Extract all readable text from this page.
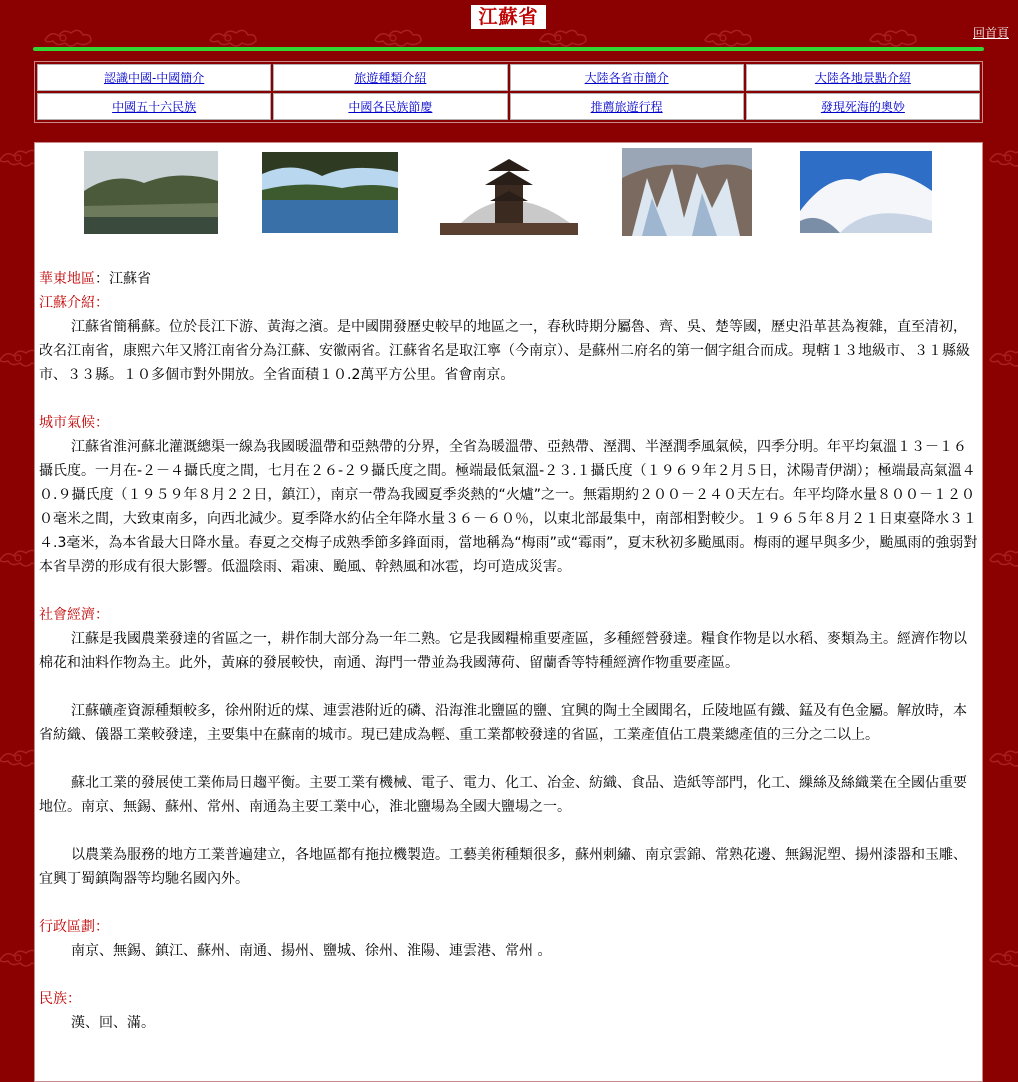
江蘇省
回首頁
認識中國-中國簡介	旅遊種類介紹	大陸各省市簡介	大陸各地景點介紹
中國五十六民族	中國各民族節慶	推薦旅遊行程	發現死海的奧妙
華東地區：江蘇省
江蘇介紹：

江蘇省簡稱蘇。位於長江下游、黃海之濱。是中國開發歷史較早的地區之一，春秋時期分屬魯、齊、吳、楚等國，歷史沿革甚為複雜，直至清初，改名江南省，康熙六年又將江南省分為江蘇、安徽兩省。江蘇省名是取江寧（今南京）、是蘇州二府名的第一個字組合而成。現轄１３地級市、３１縣級市、３３縣。１０多個市對外開放。全省面積１０.2萬平方公里。省會南京。

城市氣候：

江蘇省淮河蘇北灌溉總渠一線為我國暖溫帶和亞熱帶的分界，全省為暖溫帶、亞熱帶、溼潤、半溼潤季風氣候，四季分明。年平均氣溫１３－１６攝氏度。一月在-２－４攝氏度之間，七月在２６-２９攝氏度之間。極端最低氣溫-２３.１攝氏度（１９６９年２月５日，沭陽青伊湖）；極端最高氣溫４０.９攝氏度（１９５９年８月２２日，鎮江），南京一帶為我國夏季炎熱的“火爐”之一。無霜期約２００－２４０天左右。年平均降水量８００－１２００毫米之間，大致東南多，向西北減少。夏季降水約佔全年降水量３６－６０％，以東北部最集中，南部相對較少。１９６５年８月２１日東臺降水３１４.3毫米，為本省最大日降水量。春夏之交梅子成熟季節多鋒面雨，當地稱為“梅雨”或“霉雨”，夏末秋初多颱風雨。梅雨的遲早與多少，颱風雨的強弱對本省旱澇的形成有很大影響。低溫陰雨、霜凍、颱風、幹熱風和冰雹，均可造成災害。

社會經濟：

江蘇是我國農業發達的省區之一，耕作制大部分為一年二熟。它是我國糧棉重要產區，多種經營發達。糧食作物是以水稻、麥類為主。經濟作物以棉花和油料作物為主。此外，黃麻的發展較快，南通、海門一帶並為我國薄荷、留蘭香等特種經濟作物重要產區。

江蘇礦產資源種類較多，徐州附近的煤、連雲港附近的磷、沿海淮北鹽區的鹽、宜興的陶土全國聞名，丘陵地區有鐵、錳及有色金屬。解放時，本省紡織、儀器工業較發達，主要集中在蘇南的城市。現已建成為輕、重工業都較發達的省區，工業產值佔工農業總產值的三分之二以上。

蘇北工業的發展使工業佈局日趨平衡。主要工業有機械、電子、電力、化工、冶金、紡織、食品、造紙等部門，化工、繅絲及絲織業在全國佔重要地位。南京、無錫、蘇州、常州、南通為主要工業中心，淮北鹽場為全國大鹽場之一。

以農業為服務的地方工業普遍建立，各地區都有拖拉機製造。工藝美術種類很多，蘇州刺繡、南京雲錦、常熟花邊、無錫泥塑、揚州漆器和玉雕、宜興丁蜀鎮陶器等均馳名國內外。

行政區劃：

南京、無錫、鎮江、蘇州、南通、揚州、鹽城、徐州、淮陽、連雲港、常州 。

民族：

漢、回、滿。
